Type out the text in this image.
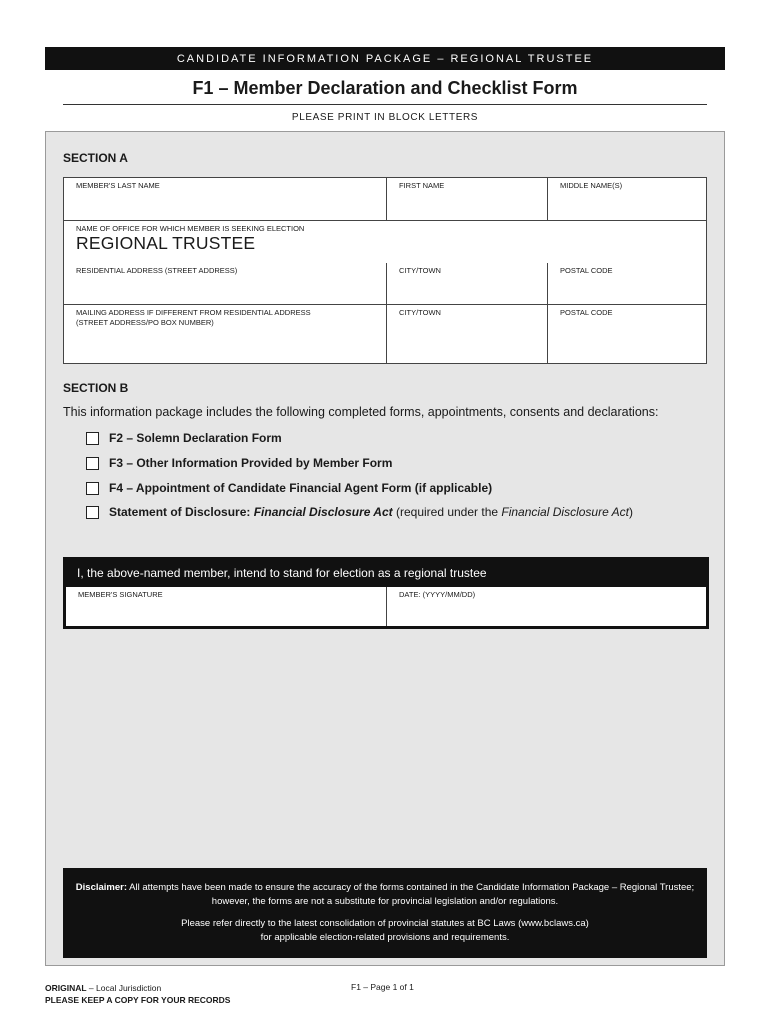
CANDIDATE INFORMATION PACKAGE – REGIONAL TRUSTEE
F1 – Member Declaration and Checklist Form
PLEASE PRINT IN BLOCK LETTERS
SECTION A
MEMBER'S LAST NAME	FIRST NAME	MIDDLE NAME(S)
NAME OF OFFICE FOR WHICH MEMBER IS SEEKING ELECTION
REGIONAL TRUSTEE
RESIDENTIAL ADDRESS (STREET ADDRESS)	CITY/TOWN	POSTAL CODE
MAILING ADDRESS IF DIFFERENT FROM RESIDENTIAL ADDRESS
(STREET ADDRESS/PO BOX NUMBER)
CITY/TOWN	POSTAL CODE
SECTION B
This information package includes the following completed forms, appointments, consents and declarations:
F2 – Solemn Declaration Form
F3 – Other Information Provided by Member Form
F4 – Appointment of Candidate Financial Agent Form (if applicable)
Statement of Disclosure: Financial Disclosure Act (required under the Financial Disclosure Act)
I, the above-named member, intend to stand for election as a regional trustee
MEMBER'S SIGNATURE	DATE: (YYYY/MM/DD)

Disclaimer: All attempts have been made to ensure the accuracy of the forms contained in the Candidate Information Package – Regional Trustee; however, the forms are not a substitute for provincial legislation and/or regulations.

Please refer directly to the latest consolidation of provincial statutes at BC Laws (www.bclaws.ca)
for applicable election-related provisions and requirements.

ORIGINAL – Local Jurisdiction
PLEASE KEEP A COPY FOR YOUR RECORDS
F1 – Page 1 of 1
